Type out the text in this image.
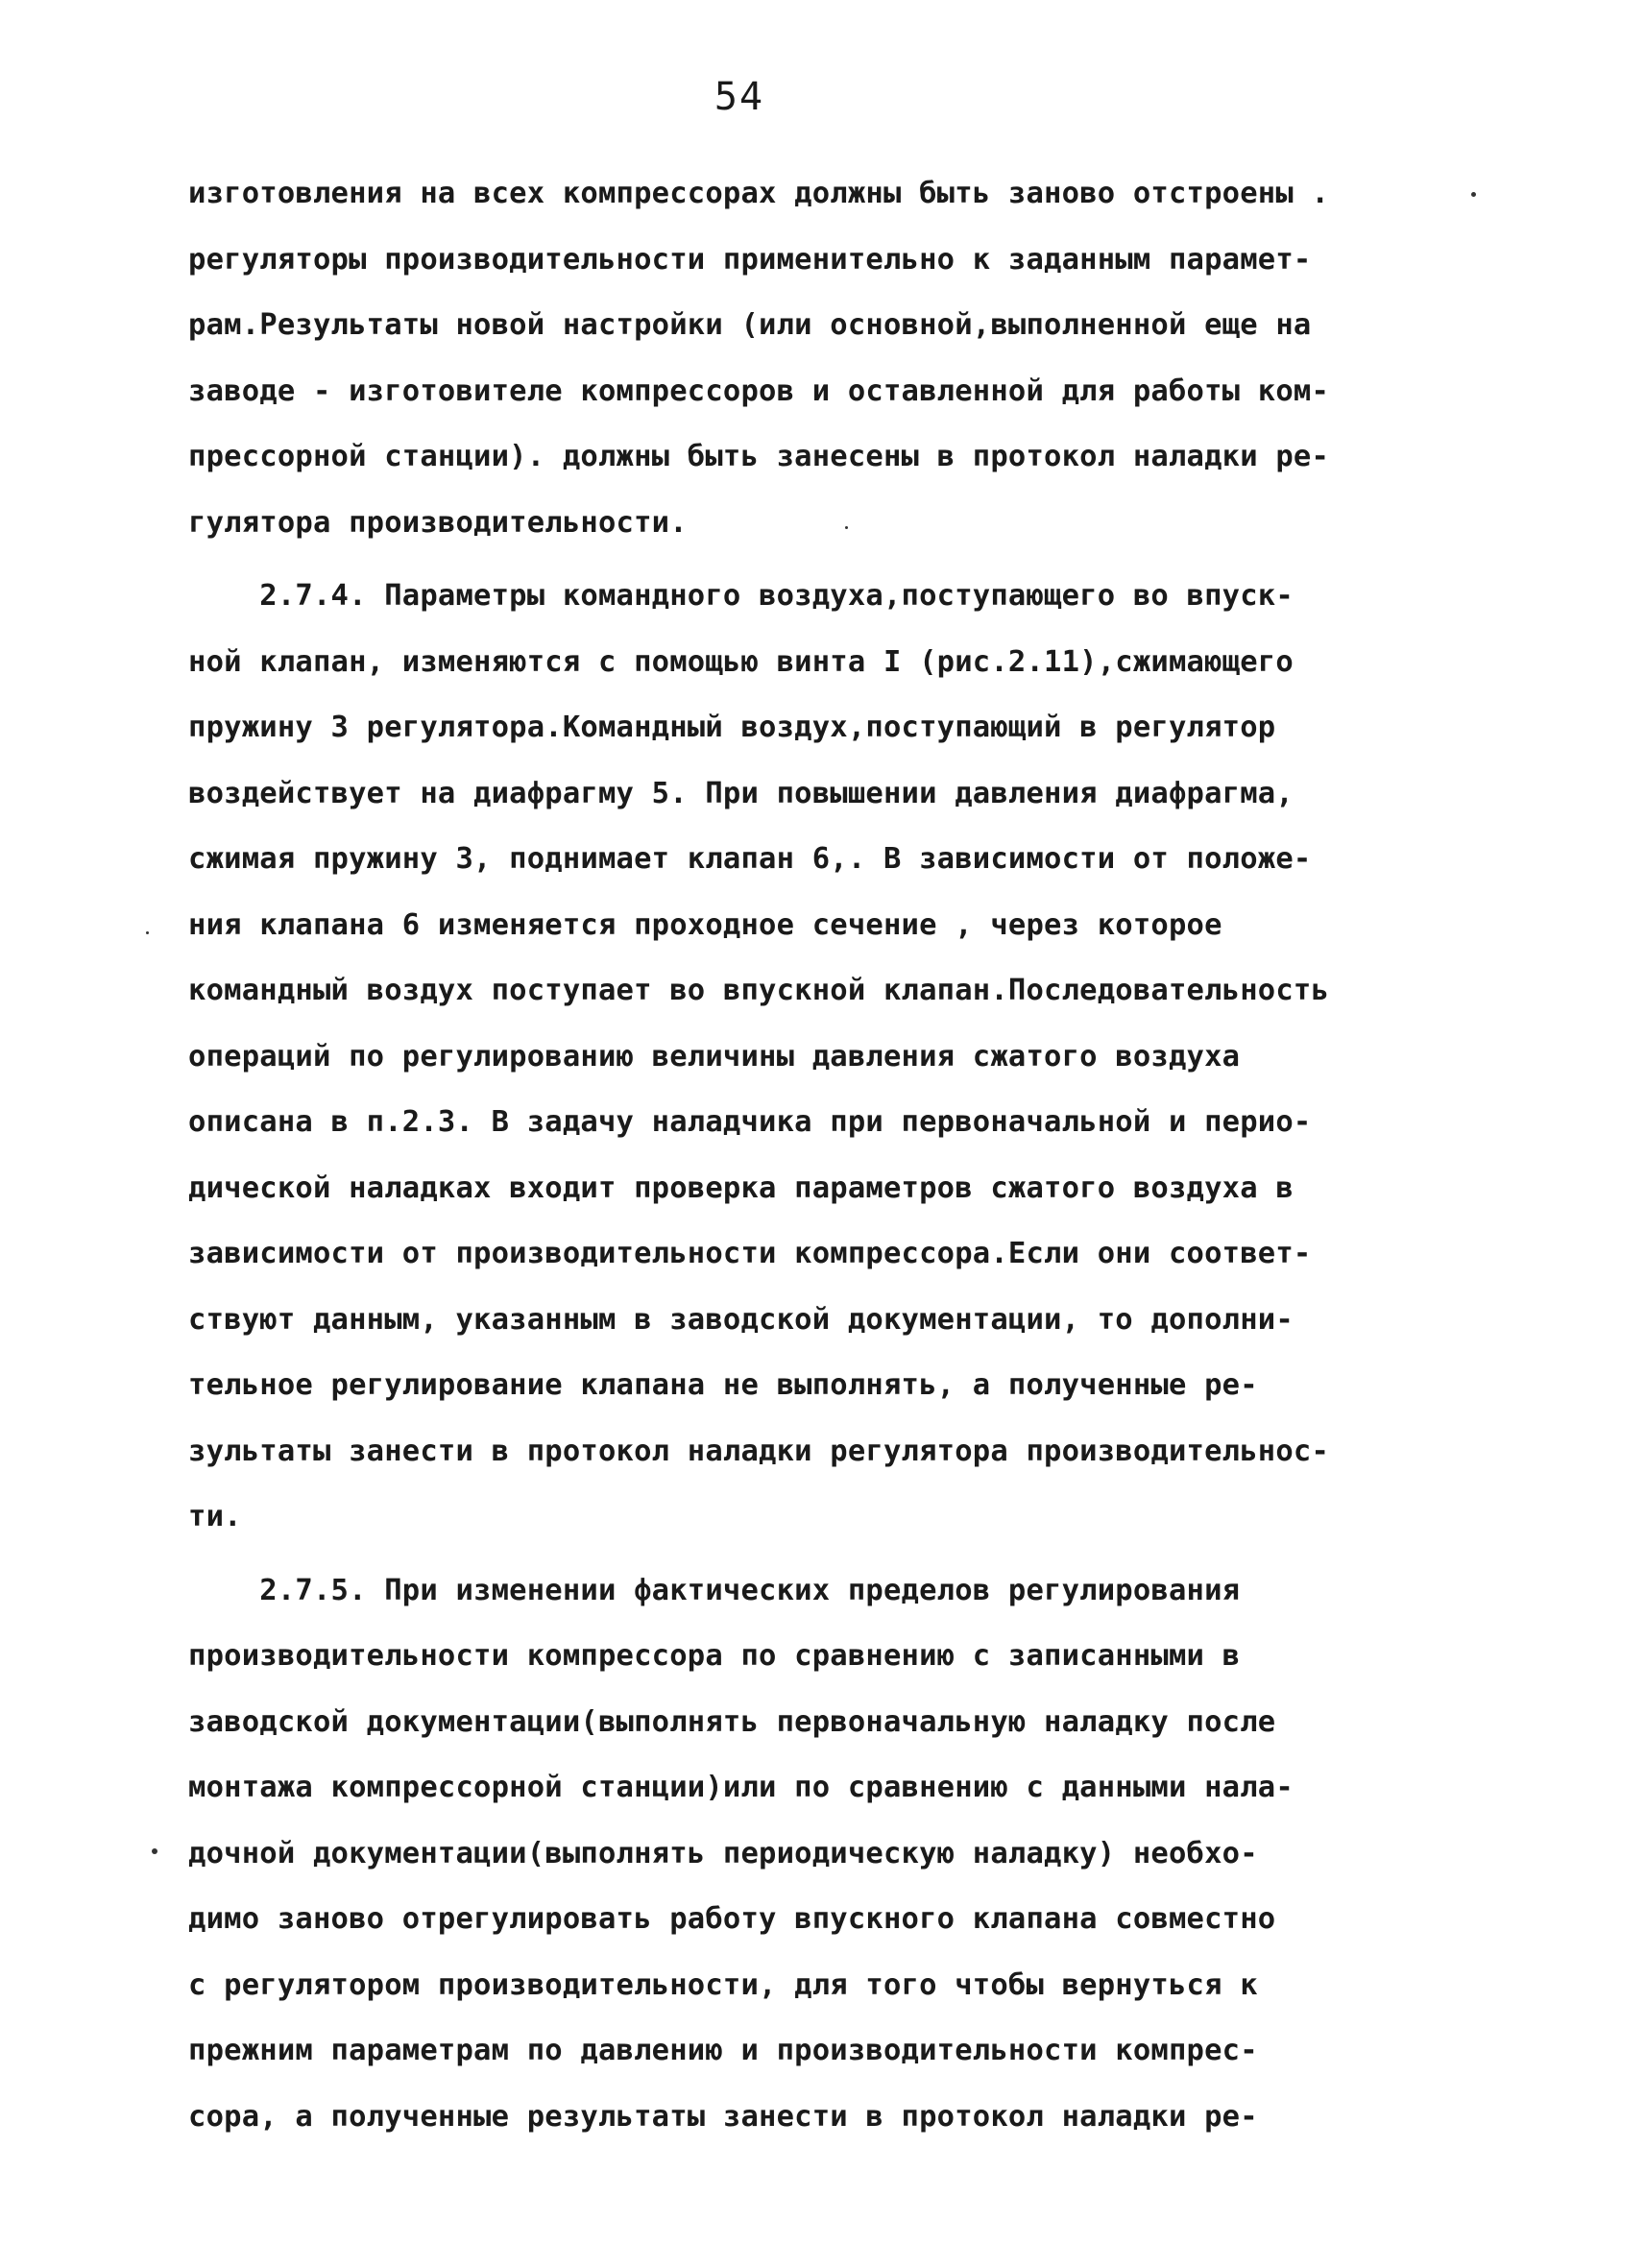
54
изготовления на всех компрессорах должны быть заново отстроены .
регуляторы производительности применительно к заданным парамет-
рам.Результаты новой настройки (или основной,выполненной еще на
заводе - изготовителе компрессоров и оставленной для работы ком-
прессорной станции). должны быть занесены в протокол наладки ре-
гулятора производительности.
2.7.4. Параметры командного воздуха,поступающего во впуск-
ной клапан, изменяются с помощью винта I (рис.2.11),сжимающего
пружину 3 регулятора.Командный воздух,поступающий в регулятор
воздействует на диафрагму 5. При повышении давления диафрагма,
сжимая пружину 3, поднимает клапан 6,. В зависимости от положе-
ния клапана 6 изменяется проходное сечение , через которое
командный воздух поступает во впускной клапан.Последовательность
операций по регулированию величины давления сжатого воздуха
описана в п.2.3. В задачу наладчика при первоначальной и перио-
дической наладках входит проверка параметров сжатого воздуха в
зависимости от производительности компрессора.Если они соответ-
ствуют данным, указанным в заводской документации, то дополни-
тельное регулирование клапана не выполнять, а полученные ре-
зультаты занести в протокол наладки регулятора производительнос-
ти.
2.7.5. При изменении фактических пределов регулирования
производительности компрессора по сравнению с записанными в
заводской документации(выполнять первоначальную наладку после
монтажа компрессорной станции)или по сравнению с данными нала-
дочной документации(выполнять периодическую наладку) необхо-
димо заново отрегулировать работу впускного клапана совместно
с регулятором производительности, для того чтобы вернуться к
прежним параметрам по давлению и производительности компрес-
сора, а полученные результаты занести в протокол наладки ре-
